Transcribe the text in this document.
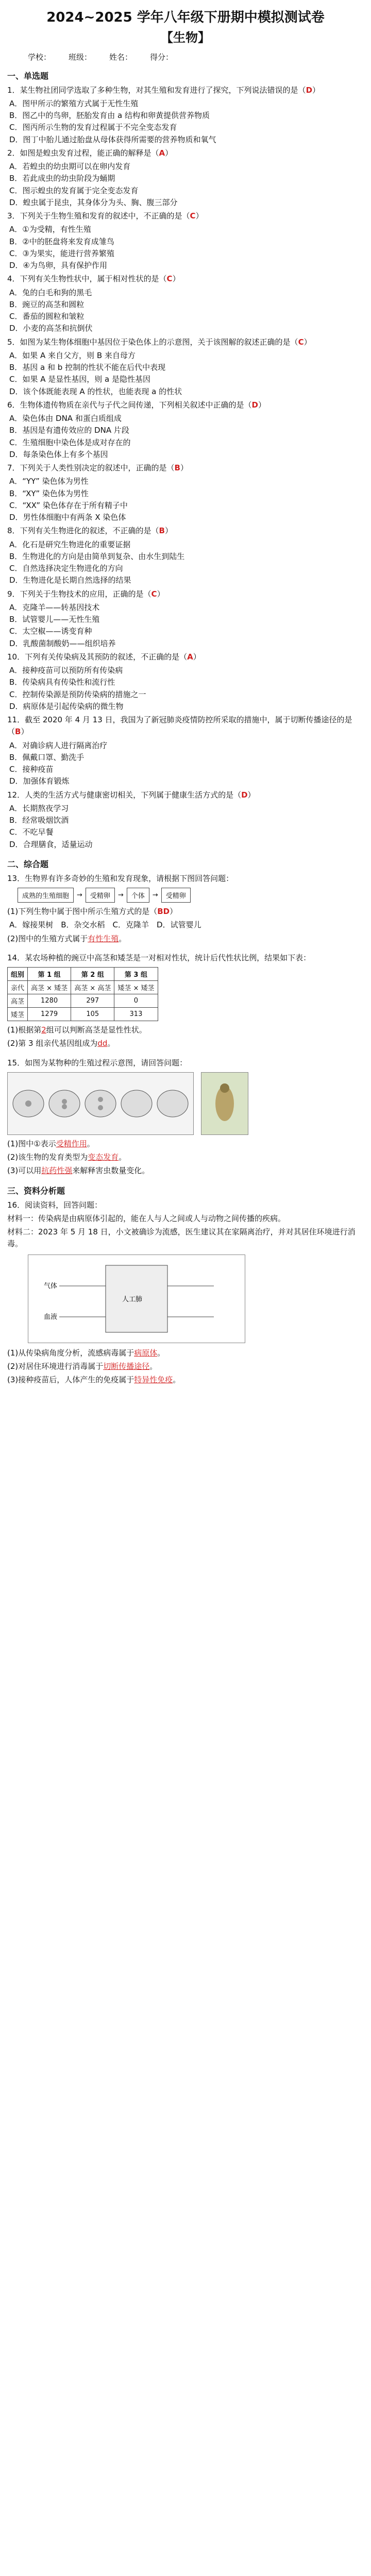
2024~2025 学年八年级下册期中模拟测试卷
【生物】
学校： 班级： 姓名： 得分：
一、单选题
1．某生物社团同学选取了多种生物，对其生殖和发育进行了探究，下列说法错误的是（D）
A．图甲所示的繁殖方式属于无性生殖
B．图乙中的鸟卵，胚胎发育由 a 结构和卵黄提供营养物质
C．图丙所示生物的发育过程属于不完全变态发育
D．图丁中胎儿通过胎盘从母体获得所需要的营养物质和氧气
2．如图是蝗虫发育过程，能正确的解释是（A）
A．若蝗虫的幼虫期可以在卵内发育
B．若此成虫的幼虫阶段为蛹期
C．图示蝗虫的发育属于完全变态发育
D．蝗虫属于昆虫，其身体分为头、胸、腹三部分
3．下列关于生物生殖和发育的叙述中，不正确的是（C）
A．①为受精，有性生殖
B．②中的胚盘将来发育成雏鸟
C．③为果实，能进行营养繁殖
D．④为鸟卵，具有保护作用
4．下列有关生物性状中，属于相对性状的是（C）
A．兔的白毛和狗的黑毛
B．豌豆的高茎和圆粒
C．番茄的圆粒和皱粒
D．小麦的高茎和抗倒伏
5．如图为某生物体细胞中基因位于染色体上的示意图，关于该图解的叙述正确的是（C）
A．如果 A 来自父方，则 B 来自母方
B．基因 a 和 b 控制的性状不能在后代中表现
C．如果 A 是显性基因，则 a 是隐性基因
D．该个体既能表现 A 的性状，也能表现 a 的性状
6．生物体遗传物质在亲代与子代之间传递，下列相关叙述中正确的是（D）
A．染色体由 DNA 和蛋白质组成
B．基因是有遗传效应的 DNA 片段
C．生殖细胞中染色体是成对存在的
D．每条染色体上有多个基因
7．下列关于人类性别决定的叙述中，正确的是（B）
A．“YY” 染色体为男性
B．“XY” 染色体为男性
C．“XX” 染色体存在于所有精子中
D．男性体细胞中有两条 X 染色体
8．下列有关生物进化的叙述，不正确的是（B）
A．化石是研究生物进化的重要证据
B．生物进化的方向是由简单到复杂、由水生到陆生
C．自然选择决定生物进化的方向
D．生物进化是长期自然选择的结果
9．下列关于生物技术的应用，正确的是（C）
A．克隆羊——转基因技术
B．试管婴儿——无性生殖
C．太空椒——诱变育种
D．乳酸菌制酸奶——组织培养
10．下列有关传染病及其预防的叙述，不正确的是（A）
A．接种疫苗可以预防所有传染病
B．传染病具有传染性和流行性
C．控制传染源是预防传染病的措施之一
D．病原体是引起传染病的微生物
11．截至 2020 年 4 月 13 日，我国为了新冠肺炎疫情防控所采取的措施中，属于切断传播途径的是（B）
A．对确诊病人进行隔离治疗
B．佩戴口罩、勤洗手
C．接种疫苗
D．加强体育锻炼
12．人类的生活方式与健康密切相关，下列属于健康生活方式的是（D）
A．长期熬夜学习
B．经常吸烟饮酒
C．不吃早餐
D．合理膳食，适量运动
二、综合题
13．生物界有许多奇妙的生殖和发育现象，请根据下图回答问题：
成熟的生殖细胞	→	受精卵	→	个体	→	受精卵
(1)下列生物中属于图中所示生殖方式的是（BD）
A．嫁接果树　B．杂交水稻　C．克隆羊　D．试管婴儿
(2)图中的生殖方式属于有性生殖。
14．某农场种植的豌豆中高茎和矮茎是一对相对性状，统计后代性状比例，结果如下表：
组别	第 1 组	第 2 组	第 3 组
亲代	高茎 × 矮茎	高茎 × 高茎	矮茎 × 矮茎
高茎	1280	297	0
矮茎	1279	105	313
(1)根据第2组可以判断高茎是显性性状。
(2)第 3 组亲代基因组成为dd。
15．如图为某物种的生殖过程示意图，请回答问题：
(1)图中①表示受精作用。
(2)该生物的发育类型为变态发育。
(3)可以用抗药性强来解释害虫数量变化。
三、资料分析题
16．阅读资料，回答问题：
材料一：传染病是由病原体引起的，能在人与人之间或人与动物之间传播的疾病。
材料二：2023 年 5 月 18 日，小文被确诊为流感，医生建议其在家隔离治疗，并对其居住环境进行消毒。
气体
血液
人工肺
(1)从传染病角度分析，流感病毒属于病原体。
(2)对居住环境进行消毒属于切断传播途径。
(3)接种疫苗后，人体产生的免疫属于特异性免疫。
